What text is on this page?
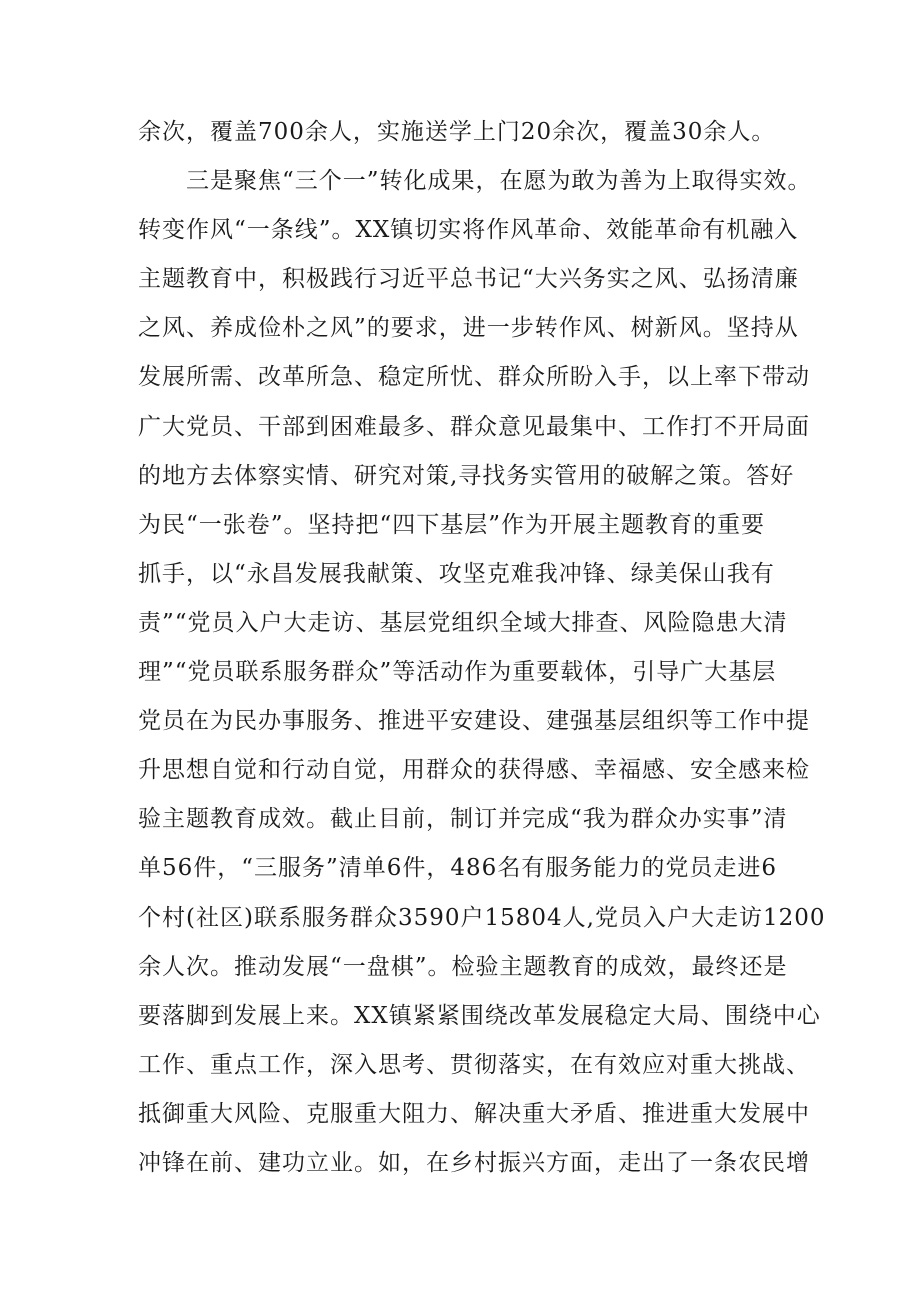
余次，覆盖700余人，实施送学上门20余次，覆盖30余人。
三是聚焦“三个一”转化成果，在愿为敢为善为上取得实效。
转变作风“一条线”。XX镇切实将作风革命、效能革命有机融入
主题教育中，积极践行习近平总书记“大兴务实之风、弘扬清廉
之风、养成俭朴之风”的要求，进一步转作风、树新风。坚持从
发展所需、改革所急、稳定所忧、群众所盼入手，以上率下带动
广大党员、干部到困难最多、群众意见最集中、工作打不开局面
的地方去体察实情、研究对策,寻找务实管用的破解之策。答好
为民“一张卷”。坚持把“四下基层”作为开展主题教育的重要
抓手，以“永昌发展我献策、攻坚克难我冲锋、绿美保山我有
责”“党员入户大走访、基层党组织全域大排查、风险隐患大清
理”“党员联系服务群众”等活动作为重要载体，引导广大基层
党员在为民办事服务、推进平安建设、建强基层组织等工作中提
升思想自觉和行动自觉，用群众的获得感、幸福感、安全感来检
验主题教育成效。截止目前，制订并完成“我为群众办实事”清
单56件，“三服务”清单6件，486名有服务能力的党员走进6
个村(社区)联系服务群众3590户15804人,党员入户大走访1200
余人次。推动发展“一盘棋”。检验主题教育的成效，最终还是
要落脚到发展上来。XX镇紧紧围绕改革发展稳定大局、围绕中心
工作、重点工作，深入思考、贯彻落实，在有效应对重大挑战、
抵御重大风险、克服重大阻力、解决重大矛盾、推进重大发展中
冲锋在前、建功立业。如，在乡村振兴方面，走出了一条农民增
